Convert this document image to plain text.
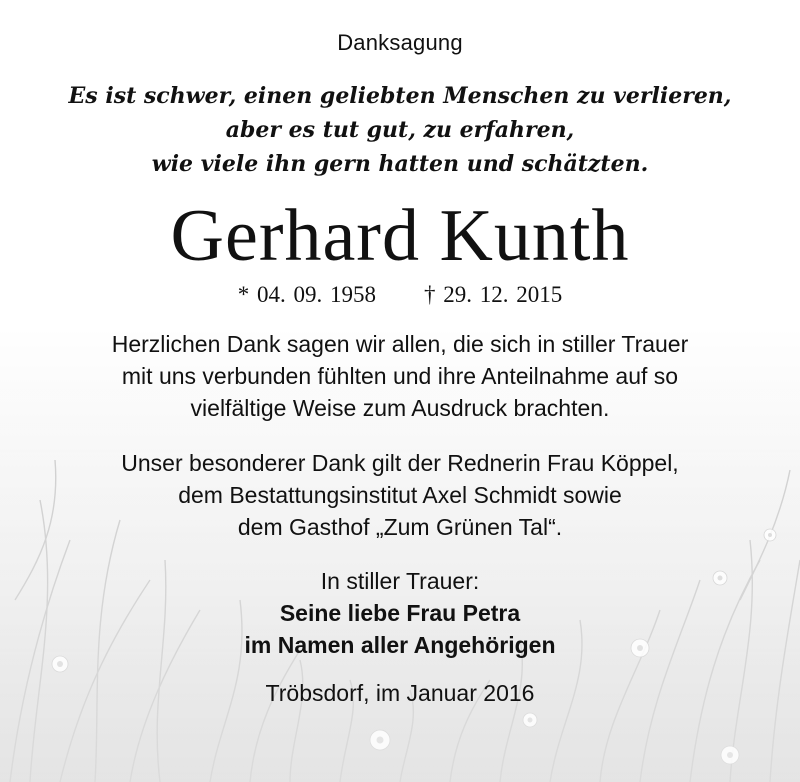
Danksagung
Es ist schwer, einen geliebten Menschen zu verlieren,
aber es tut gut, zu erfahren,
wie viele ihn gern hatten und schätzten.
Gerhard Kunth
* 04. 09. 1958 † 29. 12. 2015
Herzlichen Dank sagen wir allen, die sich in stiller Trauer
mit uns verbunden fühlten und ihre Anteilnahme auf so
vielfältige Weise zum Ausdruck brachten.
Unser besonderer Dank gilt der Rednerin Frau Köppel,
dem Bestattungsinstitut Axel Schmidt sowie
dem Gasthof „Zum Grünen Tal“.
In stiller Trauer:
Seine liebe Frau Petra
im Namen aller Angehörigen
Tröbsdorf, im Januar 2016
